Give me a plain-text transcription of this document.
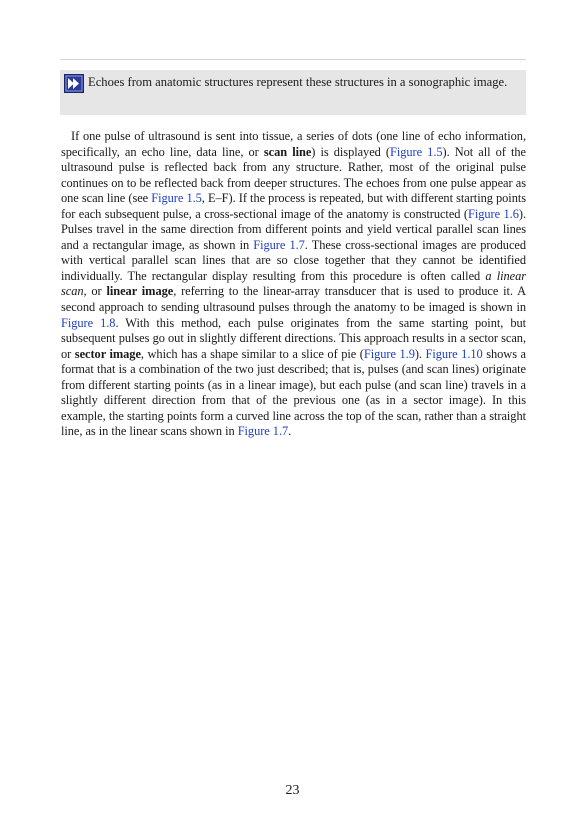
Echoes from anatomic structures represent these structures in a sonographic image.

If one pulse of ultrasound is sent into tissue, a series of dots (one line of echo information, specifically, an echo line, data line, or scan line) is displayed (Figure 1.5). Not all of the ultrasound pulse is reflected back from any structure. Rather, most of the original pulse continues on to be reflected back from deeper structures. The echoes from one pulse appear as one scan line (see Figure 1.5, E–F). If the process is repeated, but with different starting points for each subsequent pulse, a cross-sectional image of the anatomy is constructed (Figure 1.6). Pulses travel in the same direction from different points and yield vertical parallel scan lines and a rectangular image, as shown in Figure 1.7. These cross-sectional images are produced with vertical parallel scan lines that are so close together that they cannot be identified individually. The rectangular display resulting from this procedure is often called a linear scan, or linear image, referring to the linear-array transducer that is used to produce it. A second approach to sending ultrasound pulses through the anatomy to be imaged is shown in Figure 1.8. With this method, each pulse originates from the same starting point, but subsequent pulses go out in slightly different directions. This approach results in a sector scan, or sector image, which has a shape similar to a slice of pie (Figure 1.9). Figure 1.10 shows a format that is a combination of the two just described; that is, pulses (and scan lines) originate from different starting points (as in a linear image), but each pulse (and scan line) travels in a slightly different direction from that of the previous one (as in a sector image). In this example, the starting points form a curved line across the top of the scan, rather than a straight line, as in the linear scans shown in Figure 1.7.

23
